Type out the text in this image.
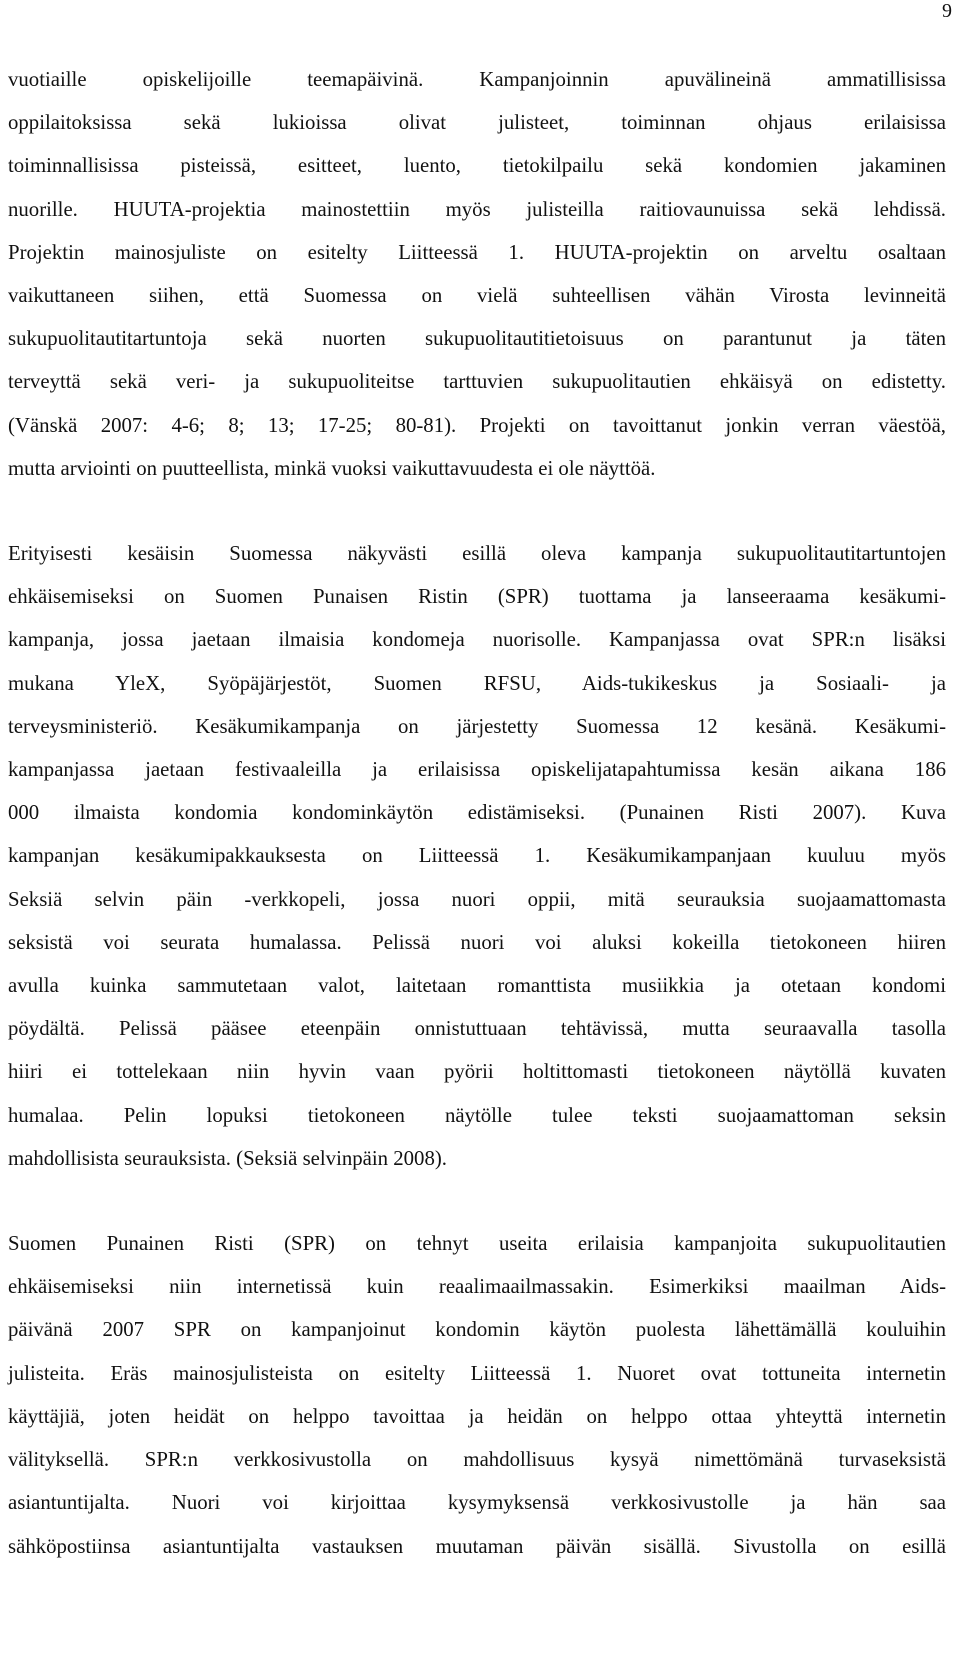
9

vuotiaille opiskelijoille teemapäivinä. Kampanjoinnin apuvälineinä ammatillisissa
oppilaitoksissa sekä lukioissa olivat julisteet, toiminnan ohjaus erilaisissa
toiminnallisissa pisteissä, esitteet, luento, tietokilpailu sekä kondomien jakaminen
nuorille. HUUTA-projektia mainostettiin myös julisteilla raitiovaunuissa sekä lehdissä.
Projektin mainosjuliste on esitelty Liitteessä 1. HUUTA-projektin on arveltu osaltaan
vaikuttaneen siihen, että Suomessa on vielä suhteellisen vähän Virosta levinneitä
sukupuolitautitartuntoja sekä nuorten sukupuolitautitietoisuus on parantunut ja täten
terveyttä sekä veri- ja sukupuoliteitse tarttuvien sukupuolitautien ehkäisyä on edistetty.
(Vänskä 2007: 4-6; 8; 13; 17-25; 80-81). Projekti on tavoittanut jonkin verran väestöä,
mutta arviointi on puutteellista, minkä vuoksi vaikuttavuudesta ei ole näyttöä.

Erityisesti kesäisin Suomessa näkyvästi esillä oleva kampanja sukupuolitautitartuntojen
ehkäisemiseksi on Suomen Punaisen Ristin (SPR) tuottama ja lanseeraama kesäkumi-
kampanja, jossa jaetaan ilmaisia kondomeja nuorisolle. Kampanjassa ovat SPR:n lisäksi
mukana YleX, Syöpäjärjestöt, Suomen RFSU, Aids-tukikeskus ja Sosiaali- ja
terveysministeriö. Kesäkumikampanja on järjestetty Suomessa 12 kesänä. Kesäkumi-
kampanjassa jaetaan festivaaleilla ja erilaisissa opiskelijatapahtumissa kesän aikana 186
000 ilmaista kondomia kondominkäytön edistämiseksi. (Punainen Risti 2007). Kuva
kampanjan kesäkumipakkauksesta on Liitteessä 1. Kesäkumikampanjaan kuuluu myös
Seksiä selvin päin -verkkopeli, jossa nuori oppii, mitä seurauksia suojaamattomasta
seksistä voi seurata humalassa. Pelissä nuori voi aluksi kokeilla tietokoneen hiiren
avulla kuinka sammutetaan valot, laitetaan romanttista musiikkia ja otetaan kondomi
pöydältä. Pelissä pääsee eteenpäin onnistuttuaan tehtävissä, mutta seuraavalla tasolla
hiiri ei tottelekaan niin hyvin vaan pyörii holtittomasti tietokoneen näytöllä kuvaten
humalaa. Pelin lopuksi tietokoneen näytölle tulee teksti suojaamattoman seksin
mahdollisista seurauksista. (Seksiä selvinpäin 2008).

Suomen Punainen Risti (SPR) on tehnyt useita erilaisia kampanjoita sukupuolitautien
ehkäisemiseksi niin internetissä kuin reaalimaailmassakin. Esimerkiksi maailman Aids-
päivänä 2007 SPR on kampanjoinut kondomin käytön puolesta lähettämällä kouluihin
julisteita. Eräs mainosjulisteista on esitelty Liitteessä 1. Nuoret ovat tottuneita internetin
käyttäjiä, joten heidät on helppo tavoittaa ja heidän on helppo ottaa yhteyttä internetin
välityksellä. SPR:n verkkosivustolla on mahdollisuus kysyä nimettömänä turvaseksistä
asiantuntijalta. Nuori voi kirjoittaa kysymyksensä verkkosivustolle ja hän saa
sähköpostiinsa asiantuntijalta vastauksen muutaman päivän sisällä. Sivustolla on esillä
